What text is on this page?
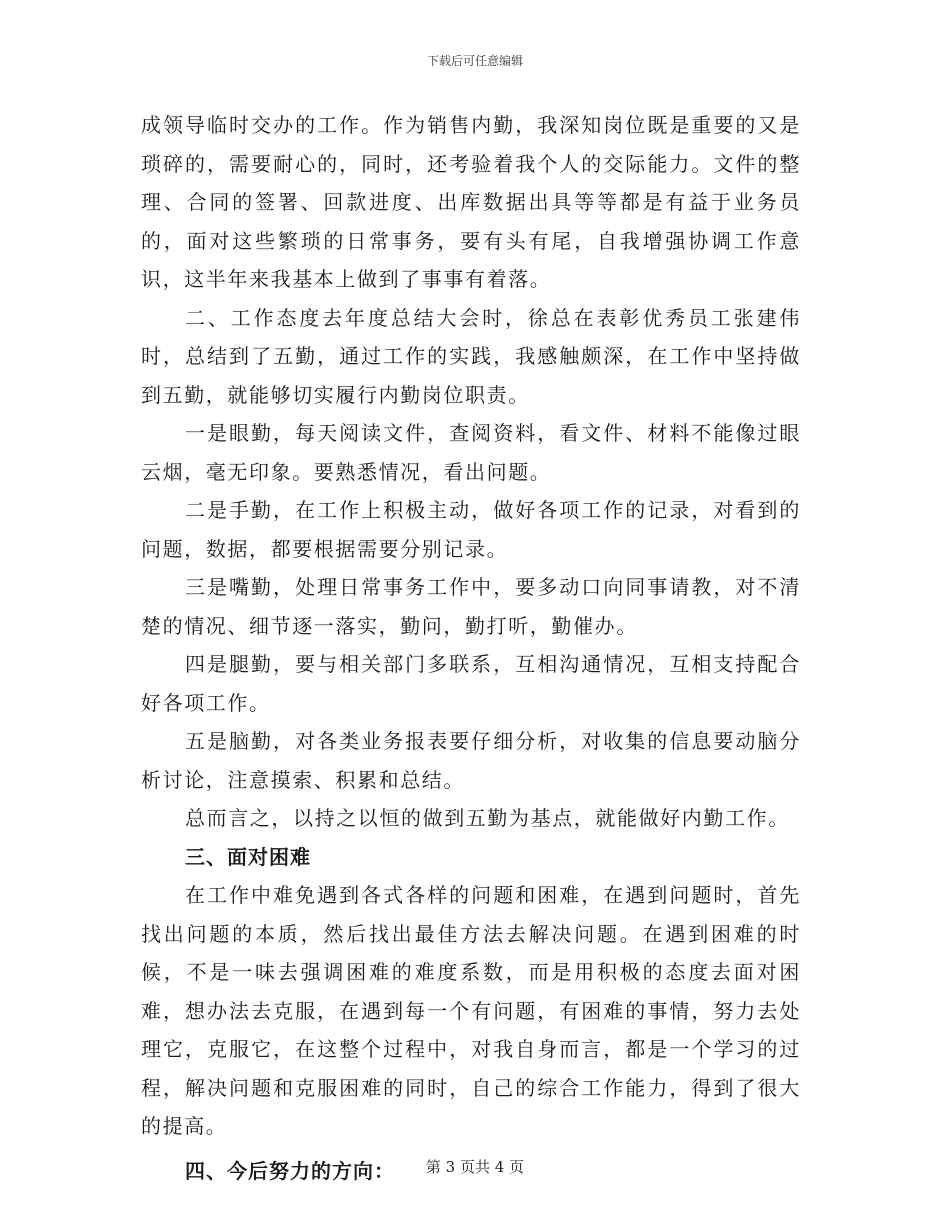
下载后可任意编辑

成领导临时交办的工作。作为销售内勤，我深知岗位既是重要的又是琐碎的，需要耐心的，同时，还考验着我个人的交际能力。文件的整理、合同的签署、回款进度、出库数据出具等等都是有益于业务员的，面对这些繁琐的日常事务，要有头有尾，自我增强协调工作意识，这半年来我基本上做到了事事有着落。

二、工作态度去年度总结大会时，徐总在表彰优秀员工张建伟时，总结到了五勤，通过工作的实践，我感触颇深，在工作中坚持做到五勤，就能够切实履行内勤岗位职责。

一是眼勤，每天阅读文件，查阅资料，看文件、材料不能像过眼云烟，毫无印象。要熟悉情况，看出问题。

二是手勤，在工作上积极主动，做好各项工作的记录，对看到的问题，数据，都要根据需要分别记录。

三是嘴勤，处理日常事务工作中，要多动口向同事请教，对不清楚的情况、细节逐一落实，勤问，勤打听，勤催办。

四是腿勤，要与相关部门多联系，互相沟通情况，互相支持配合好各项工作。

五是脑勤，对各类业务报表要仔细分析，对收集的信息要动脑分析讨论，注意摸索、积累和总结。

总而言之，以持之以恒的做到五勤为基点，就能做好内勤工作。

三、面对困难

在工作中难免遇到各式各样的问题和困难，在遇到问题时，首先找出问题的本质，然后找出最佳方法去解决问题。在遇到困难的时候，不是一味去强调困难的难度系数，而是用积极的态度去面对困难，想办法去克服，在遇到每一个有问题，有困难的事情，努力去处理它，克服它，在这整个过程中，对我自身而言，都是一个学习的过程，解决问题和克服困难的同时，自己的综合工作能力，得到了很大的提高。

四、今后努力的方向：	第 3 页共 4 页
